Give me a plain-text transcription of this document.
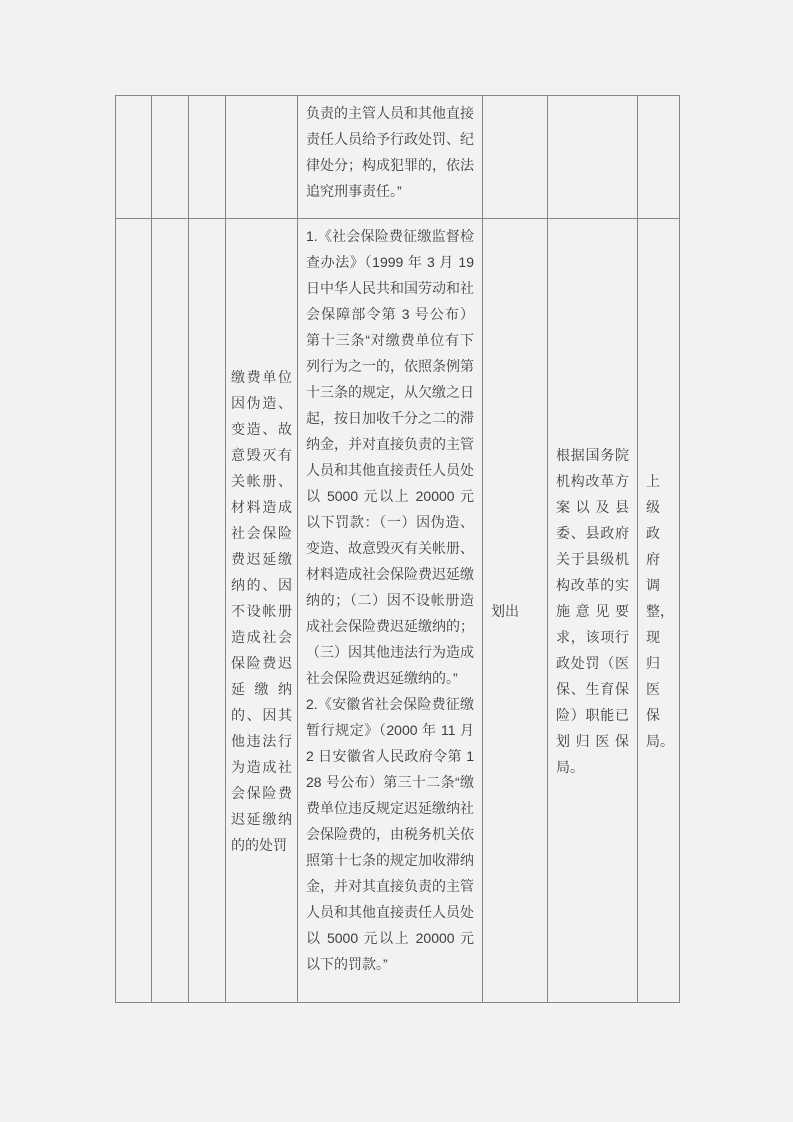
				负责的主管人员和其他直接责任人员给予行政处罚、纪律处分；构成犯罪的，依法追究刑事责任。”			

			缴费单位因伪造、变造、故意毁灭有关帐册、材料造成社会保险费迟延缴纳的、因不设帐册造成社会保险费迟延缴纳的、因其他违法行为造成社会保险费迟延缴纳的的处罚	1.《社会保险费征缴监督检查办法》（1999 年 3 月 19 日中华人民共和国劳动和社会保障部令第 3 号公布）第十三条“对缴费单位有下列行为之一的，依照条例第十三条的规定，从欠缴之日起，按日加收千分之二的滞纳金，并对直接负责的主管人员和其他直接责任人员处以 5000 元以上 20000 元以下罚款：（一）因伪造、变造、故意毁灭有关帐册、材料造成社会保险费迟延缴纳的；（二）因不设帐册造成社会保险费迟延缴纳的；（三）因其他违法行为造成社会保险费迟延缴纳的。”
2.《安徽省社会保险费征缴暂行规定》（2000 年 11 月 2 日安徽省人民政府令第 128 号公布）第三十二条“缴费单位违反规定迟延缴纳社会保险费的，由税务机关依照第十七条的规定加收滞纳金，并对其直接负责的主管人员和其他直接责任人员处以 5000 元以上 20000 元以下的罚款。”	划出	根据国务院机构改革方案以及县委、县政府关于县级机构改革的实施意见要求，该项行政处罚（医保、生育保险）职能已划归医保局。	上级政府调整，现归医保局。
